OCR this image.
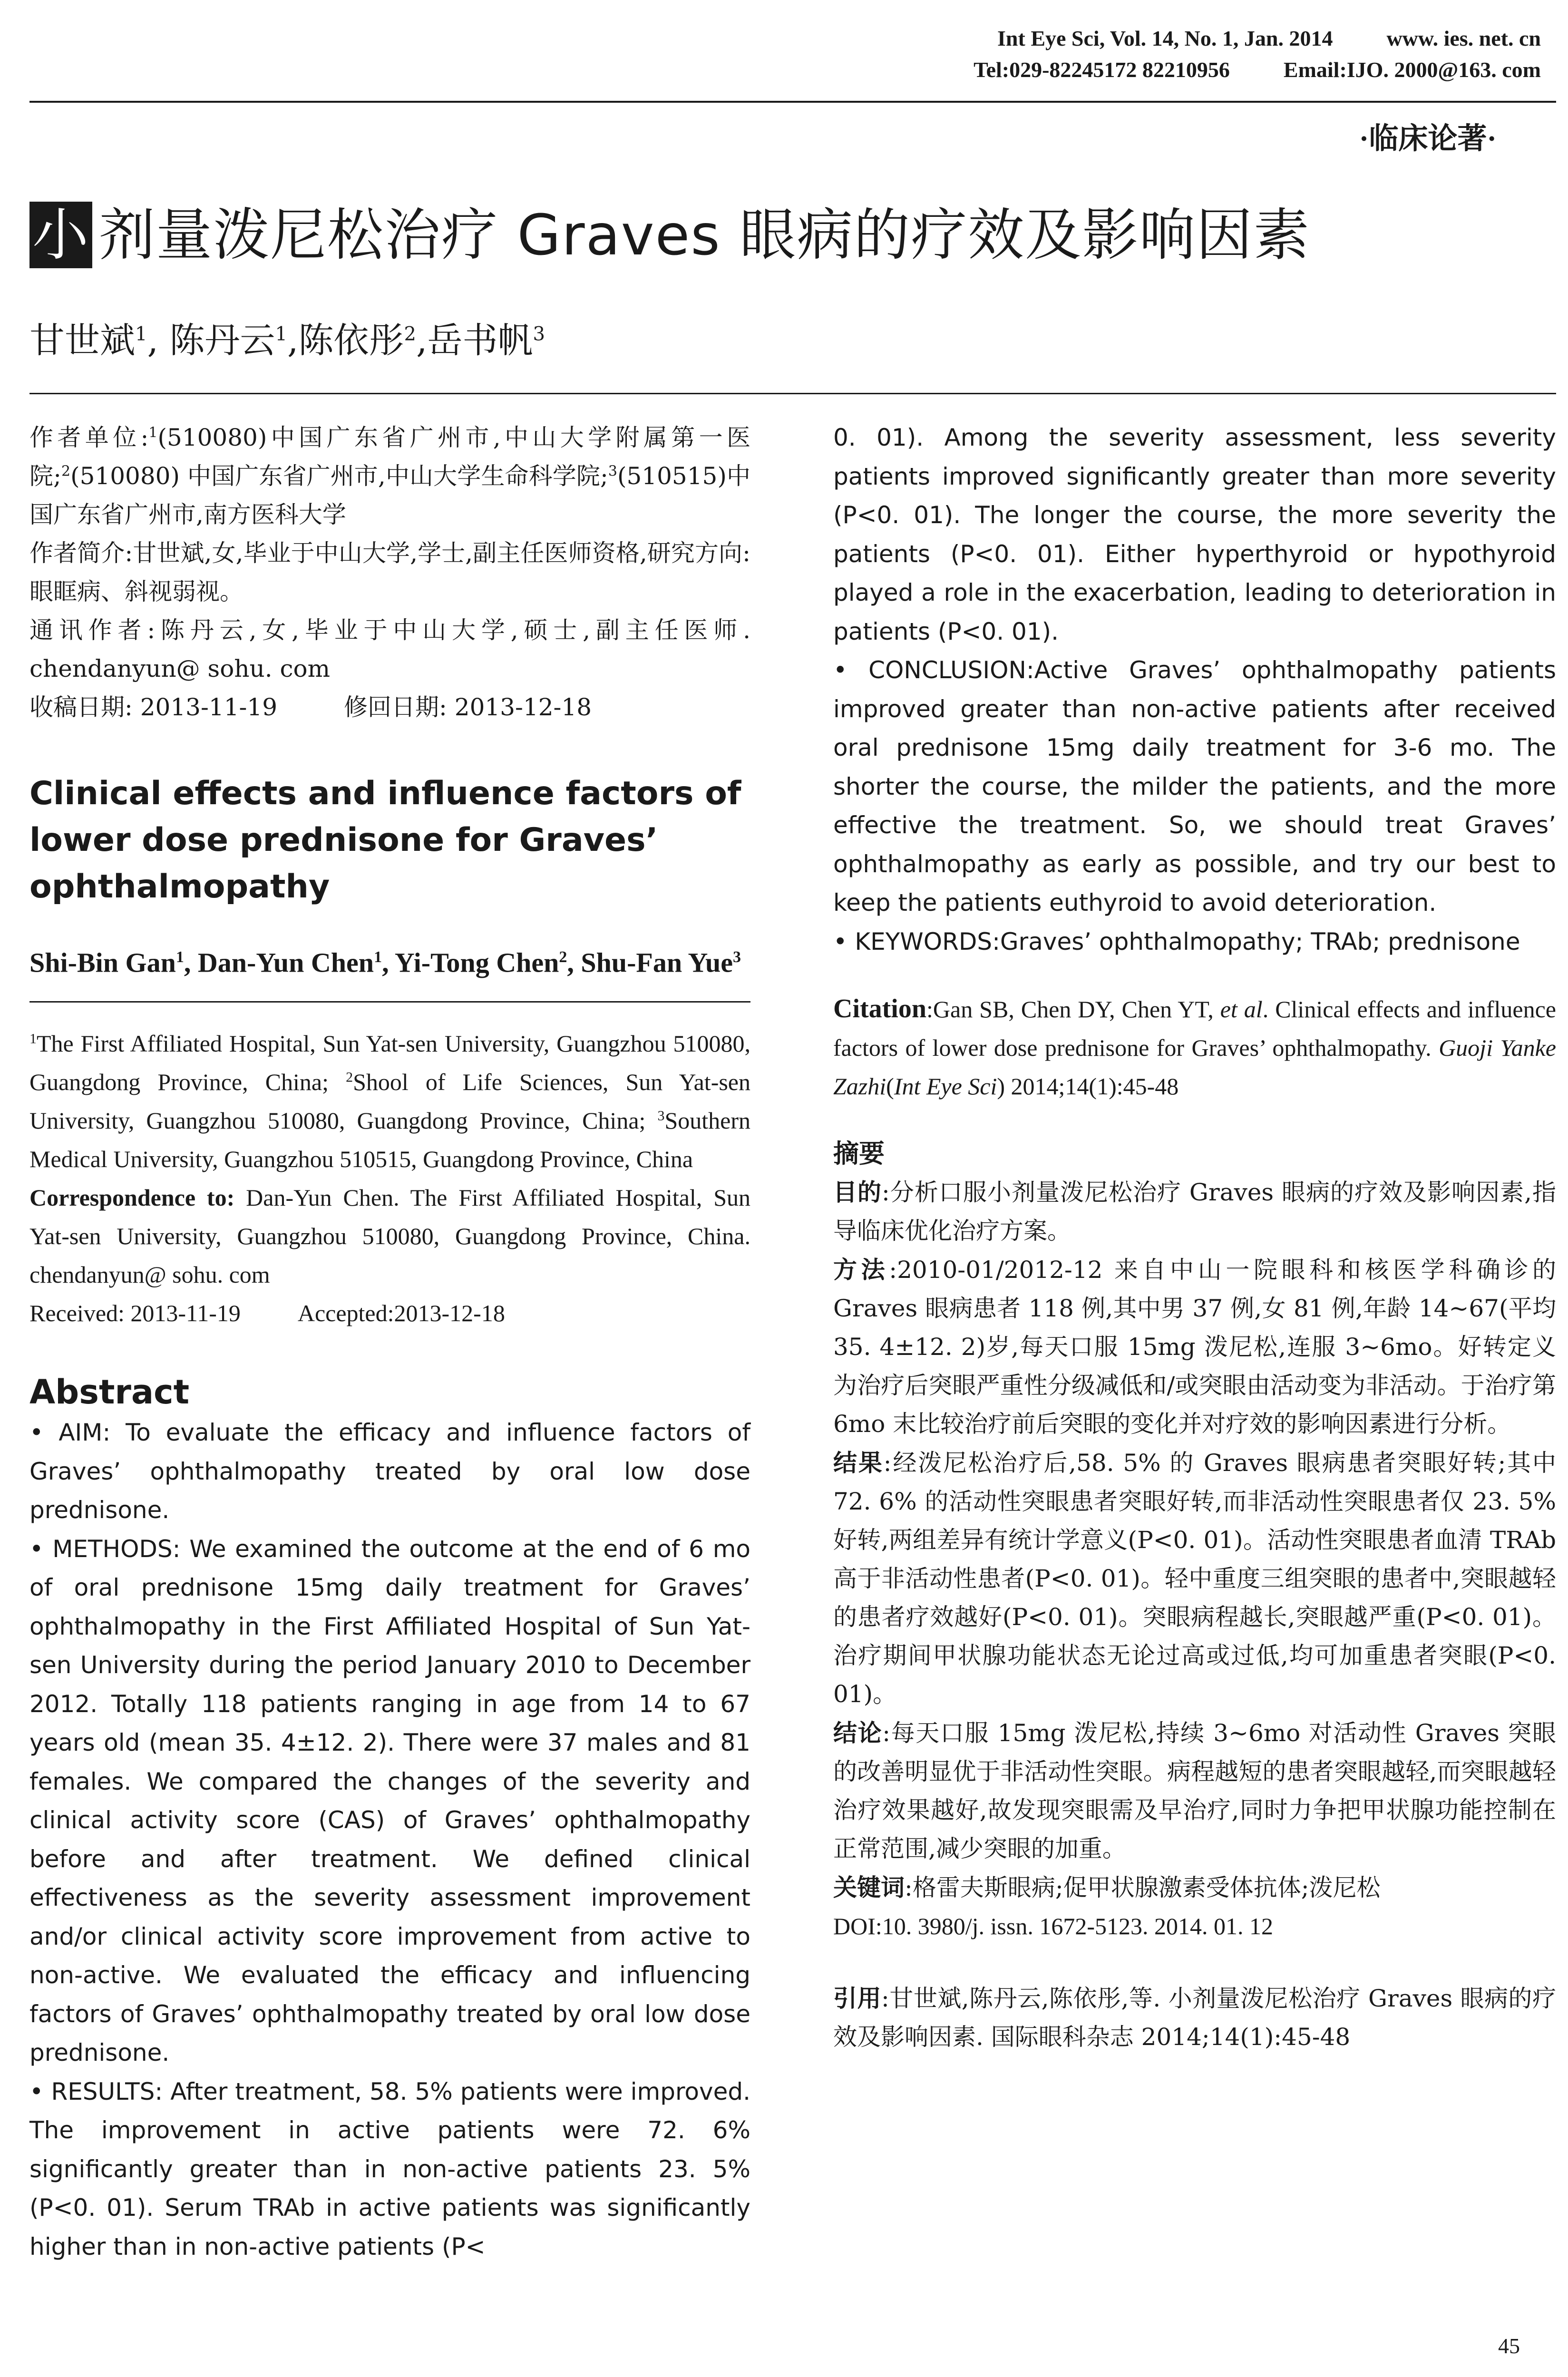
Int Eye Sci, Vol. 14, No. 1, Jan. 2014 www. ies. net. cn
Tel:029-82245172 82210956 Email:IJO. 2000@163. com
·临床论著·
小 剂量泼尼松治疗 Graves 眼病的疗效及影响因素
甘世斌$^1$, 陈丹云$^1$,陈依彤$^2$,岳书帆$^3$

作者单位:$^1$(510080)中国广东省广州市,中山大学附属第一医院;$^2$(510080) 中国广东省广州市,中山大学生命科学院;$^3$(510515)中国广东省广州市,南方医科大学

作者简介:甘世斌,女,毕业于中山大学,学士,副主任医师资格,研究方向:眼眶病、斜视弱视。

通讯作者:陈丹云,女,毕业于中山大学,硕士,副主任医师. chendanyun@ sohu. com

收稿日期: 2013-11-19	修回日期: 2013-12-18

Clinical effects and influence factors of lower dose prednisone for Graves’ ophthalmopathy

Shi-Bin Gan$^1$, Dan-Yun Chen$^1$, Yi-Tong Chen$^2$, Shu-Fan Yue$^3$

$^1$The First Affiliated Hospital, Sun Yat-sen University, Guangzhou 510080, Guangdong Province, China; $^2$Shool of Life Sciences, Sun Yat-sen University, Guangzhou 510080, Guangdong Province, China; $^3$Southern Medical University, Guangzhou 510515, Guangdong Province, China

Correspondence to: Dan-Yun Chen. The First Affiliated Hospital, Sun Yat-sen University, Guangzhou 510080, Guangdong Province, China. chendanyun@ sohu. com

Received: 2013-11-19 Accepted:2013-12-18

Abstract

• AIM: To evaluate the efficacy and influence factors of Graves’ ophthalmopathy treated by oral low dose prednisone.

• METHODS: We examined the outcome at the end of 6 mo of oral prednisone 15mg daily treatment for Graves’ ophthalmopathy in the First Affiliated Hospital of Sun Yat-sen University during the period January 2010 to December 2012. Totally 118 patients ranging in age from 14 to 67 years old (mean 35. 4±12. 2). There were 37 males and 81 females. We compared the changes of the severity and clinical activity score (CAS) of Graves’ ophthalmopathy before and after treatment. We defined clinical effectiveness as the severity assessment improvement and/or clinical activity score improvement from active to non-active. We evaluated the efficacy and influencing factors of Graves’ ophthalmopathy treated by oral low dose prednisone.

• RESULTS: After treatment, 58. 5% patients were improved. The improvement in active patients were 72. 6% significantly greater than in non-active patients 23. 5% (P<0. 01). Serum TRAb in active patients was significantly higher than in non-active patients (P<

0. 01). Among the severity assessment, less severity patients improved significantly greater than more severity (P<0. 01). The longer the course, the more severity the patients (P<0. 01). Either hyperthyroid or hypothyroid played a role in the exacerbation, leading to deterioration in patients (P<0. 01).

• CONCLUSION:Active Graves’ ophthalmopathy patients improved greater than non-active patients after received oral prednisone 15mg daily treatment for 3-6 mo. The shorter the course, the milder the patients, and the more effective the treatment. So, we should treat Graves’ ophthalmopathy as early as possible, and try our best to keep the patients euthyroid to avoid deterioration.

• KEYWORDS:Graves’ ophthalmopathy; TRAb; prednisone

Citation:Gan SB, Chen DY, Chen YT, et al. Clinical effects and influence factors of lower dose prednisone for Graves’ ophthalmopathy. Guoji Yanke Zazhi(Int Eye Sci) 2014;14(1):45-48

摘要

目的:分析口服小剂量泼尼松治疗 Graves 眼病的疗效及影响因素,指导临床优化治疗方案。

方法:2010-01/2012-12 来自中山一院眼科和核医学科确诊的 Graves 眼病患者 118 例,其中男 37 例,女 81 例,年龄 14~67(平均 35. 4±12. 2)岁,每天口服 15mg 泼尼松,连服 3~6mo。好转定义为治疗后突眼严重性分级减低和/或突眼由活动变为非活动。于治疗第 6mo 末比较治疗前后突眼的变化并对疗效的影响因素进行分析。

结果:经泼尼松治疗后,58. 5% 的 Graves 眼病患者突眼好转;其中 72. 6% 的活动性突眼患者突眼好转,而非活动性突眼患者仅 23. 5% 好转,两组差异有统计学意义(P<0. 01)。活动性突眼患者血清 TRAb 高于非活动性患者(P<0. 01)。轻中重度三组突眼的患者中,突眼越轻的患者疗效越好(P<0. 01)。突眼病程越长,突眼越严重(P<0. 01)。治疗期间甲状腺功能状态无论过高或过低,均可加重患者突眼(P<0. 01)。

结论:每天口服 15mg 泼尼松,持续 3~6mo 对活动性 Graves 突眼的改善明显优于非活动性突眼。病程越短的患者突眼越轻,而突眼越轻治疗效果越好,故发现突眼需及早治疗,同时力争把甲状腺功能控制在正常范围,减少突眼的加重。

关键词:格雷夫斯眼病;促甲状腺激素受体抗体;泼尼松

DOI:10. 3980/j. issn. 1672-5123. 2014. 01. 12

引用:甘世斌,陈丹云,陈依彤,等. 小剂量泼尼松治疗 Graves 眼病的疗效及影响因素. 国际眼科杂志 2014;14(1):45-48

45
